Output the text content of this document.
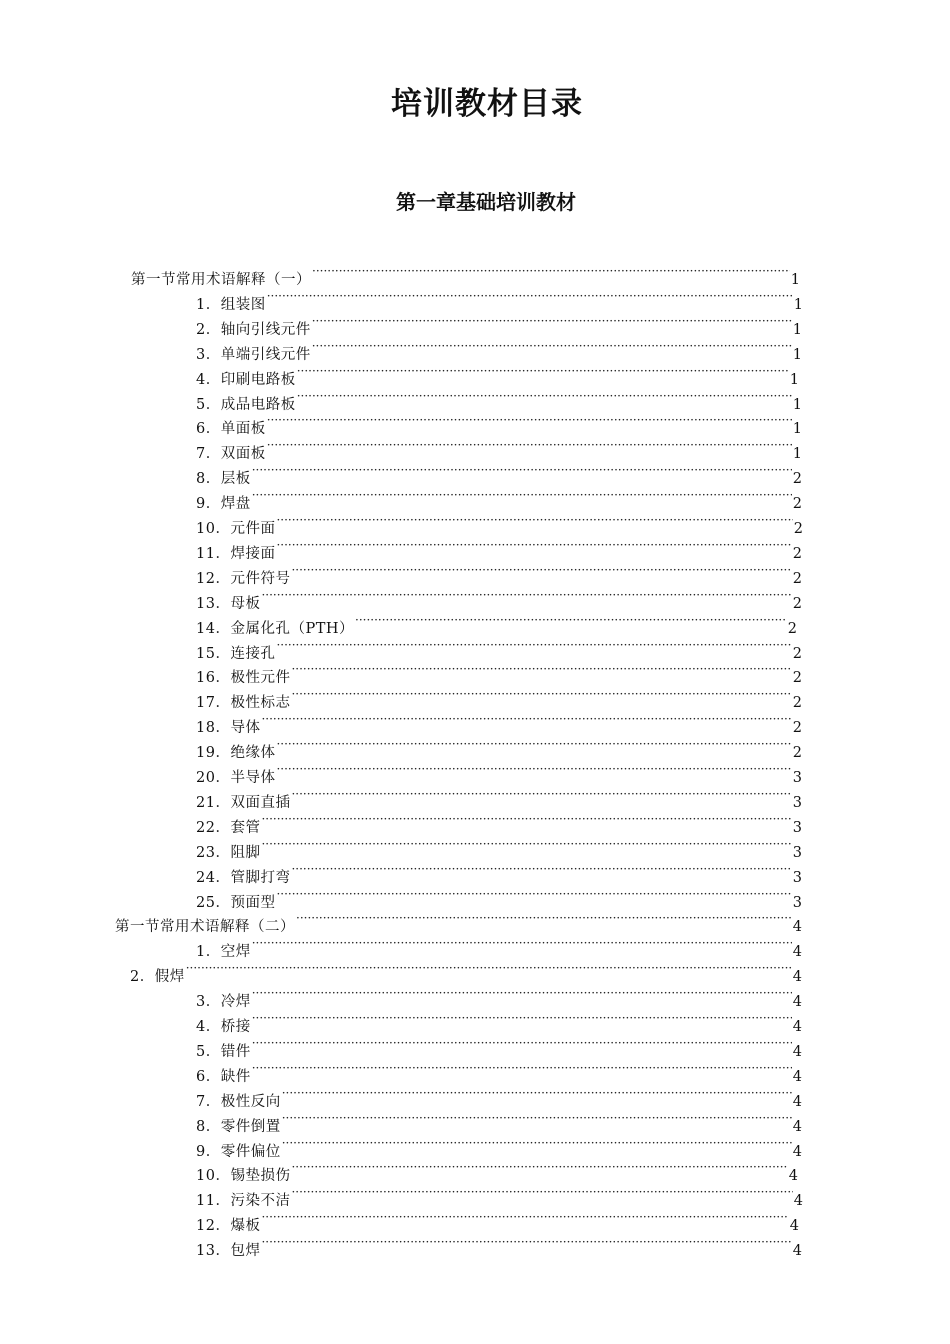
培训教材目录
第一章基础培训教材
第一节常用术语解释（一） ·····	1
1．组装图 ·····	1
2．轴向引线元件 ·····	1
3．单端引线元件 ·····	1
4．印刷电路板 ·····	1
5．成品电路板 ·····	1
6．单面板 ·····	1
7．双面板 ·····	1
8．层板 ·····	2
9．焊盘 ·····	2
10．元件面 ·····	2
11．焊接面 ·····	2
12．元件符号 ·····	2
13．母板 ·····	2
14．金属化孔（PTH） ·····	2
15．连接孔 ·····	2
16．极性元件 ·····	2
17．极性标志 ·····	2
18．导体 ·····	2
19．绝缘体 ·····	2
20．半导体 ·····	3
21．双面直插 ·····	3
22．套管 ·····	3
23．阻脚 ·····	3
24．管脚打弯 ·····	3
25．预面型 ·····	3
第一节常用术语解释（二） ·····	4
1．空焊 ·····	4
2．假焊 ·····	4
3．冷焊 ·····	4
4．桥接 ·····	4
5．错件 ·····	4
6．缺件 ·····	4
7．极性反向 ·····	4
8．零件倒置 ·····	4
9．零件偏位 ·····	4
10．锡垫损伤 ·····	4
11．污染不洁 ·····	4
12．爆板 ·····	4
13．包焊 ·····	4
